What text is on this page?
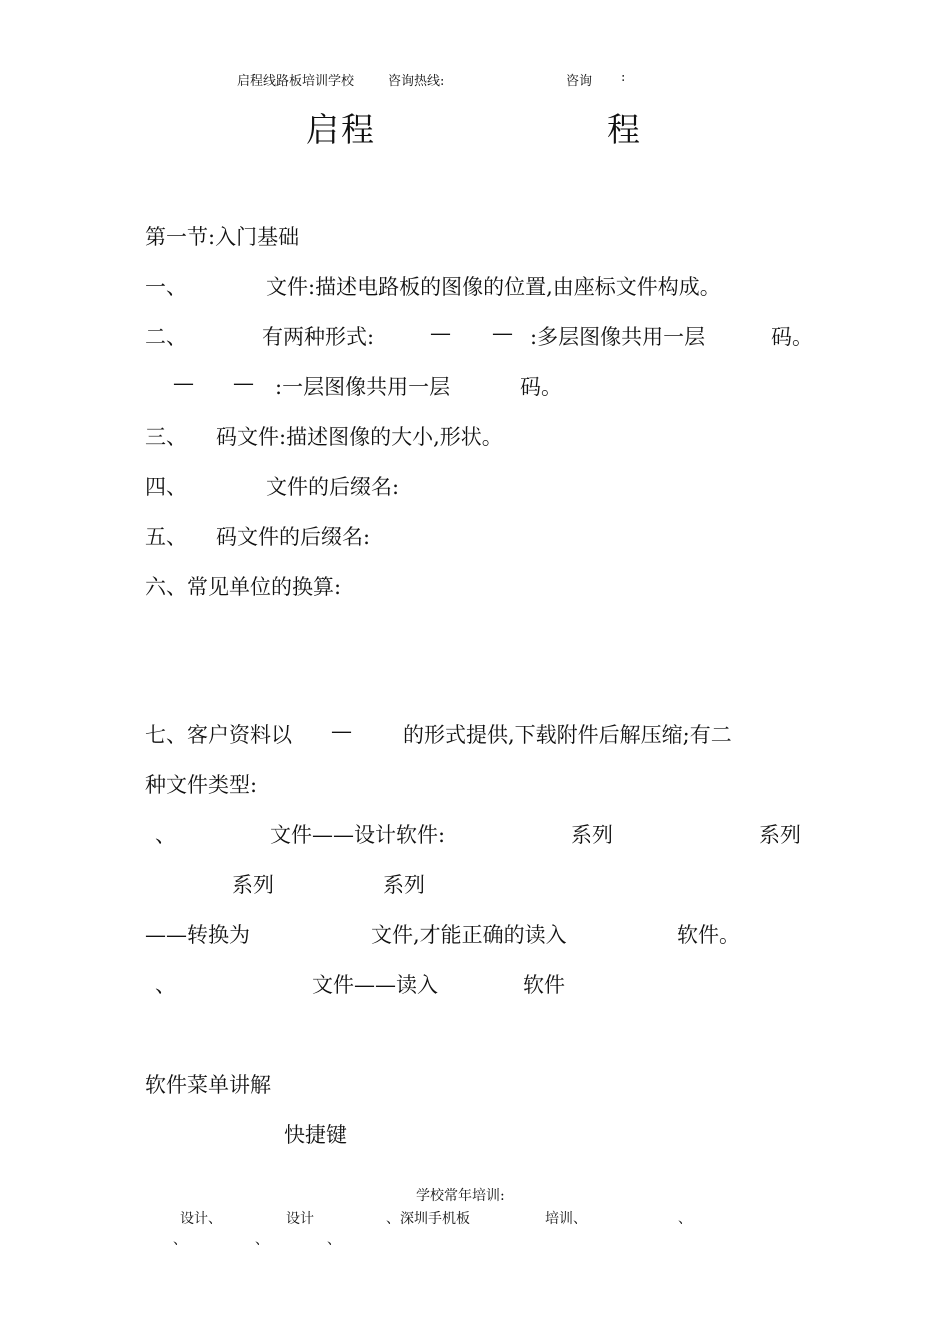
启程线路板培训学校	咨询热线:	咨询 :
启程	程
第一节:入门基础
一、	文件:描述电路板的图像的位置,由座标文件构成。
二、	有两种形式:	— — :多层图像共用一层	码。
— — :一层图像共用一层	码。
三、 码文件:描述图像的大小,形状。
四、	文件的后缀名:
五、 码文件的后缀名:
六、常见单位的换算:
七、客户资料以 — 的形式提供,下载附件后解压缩;有二
种文件类型:
、	文件——设计软件:	系列	系列
系列	系列
——转换为	文件,才能正确的读入	软件。
、	文件——读入	软件
软件菜单讲解
快捷键
学校常年培训:
设计、	设计	、深圳手机板	培训、	、
、	、	、
